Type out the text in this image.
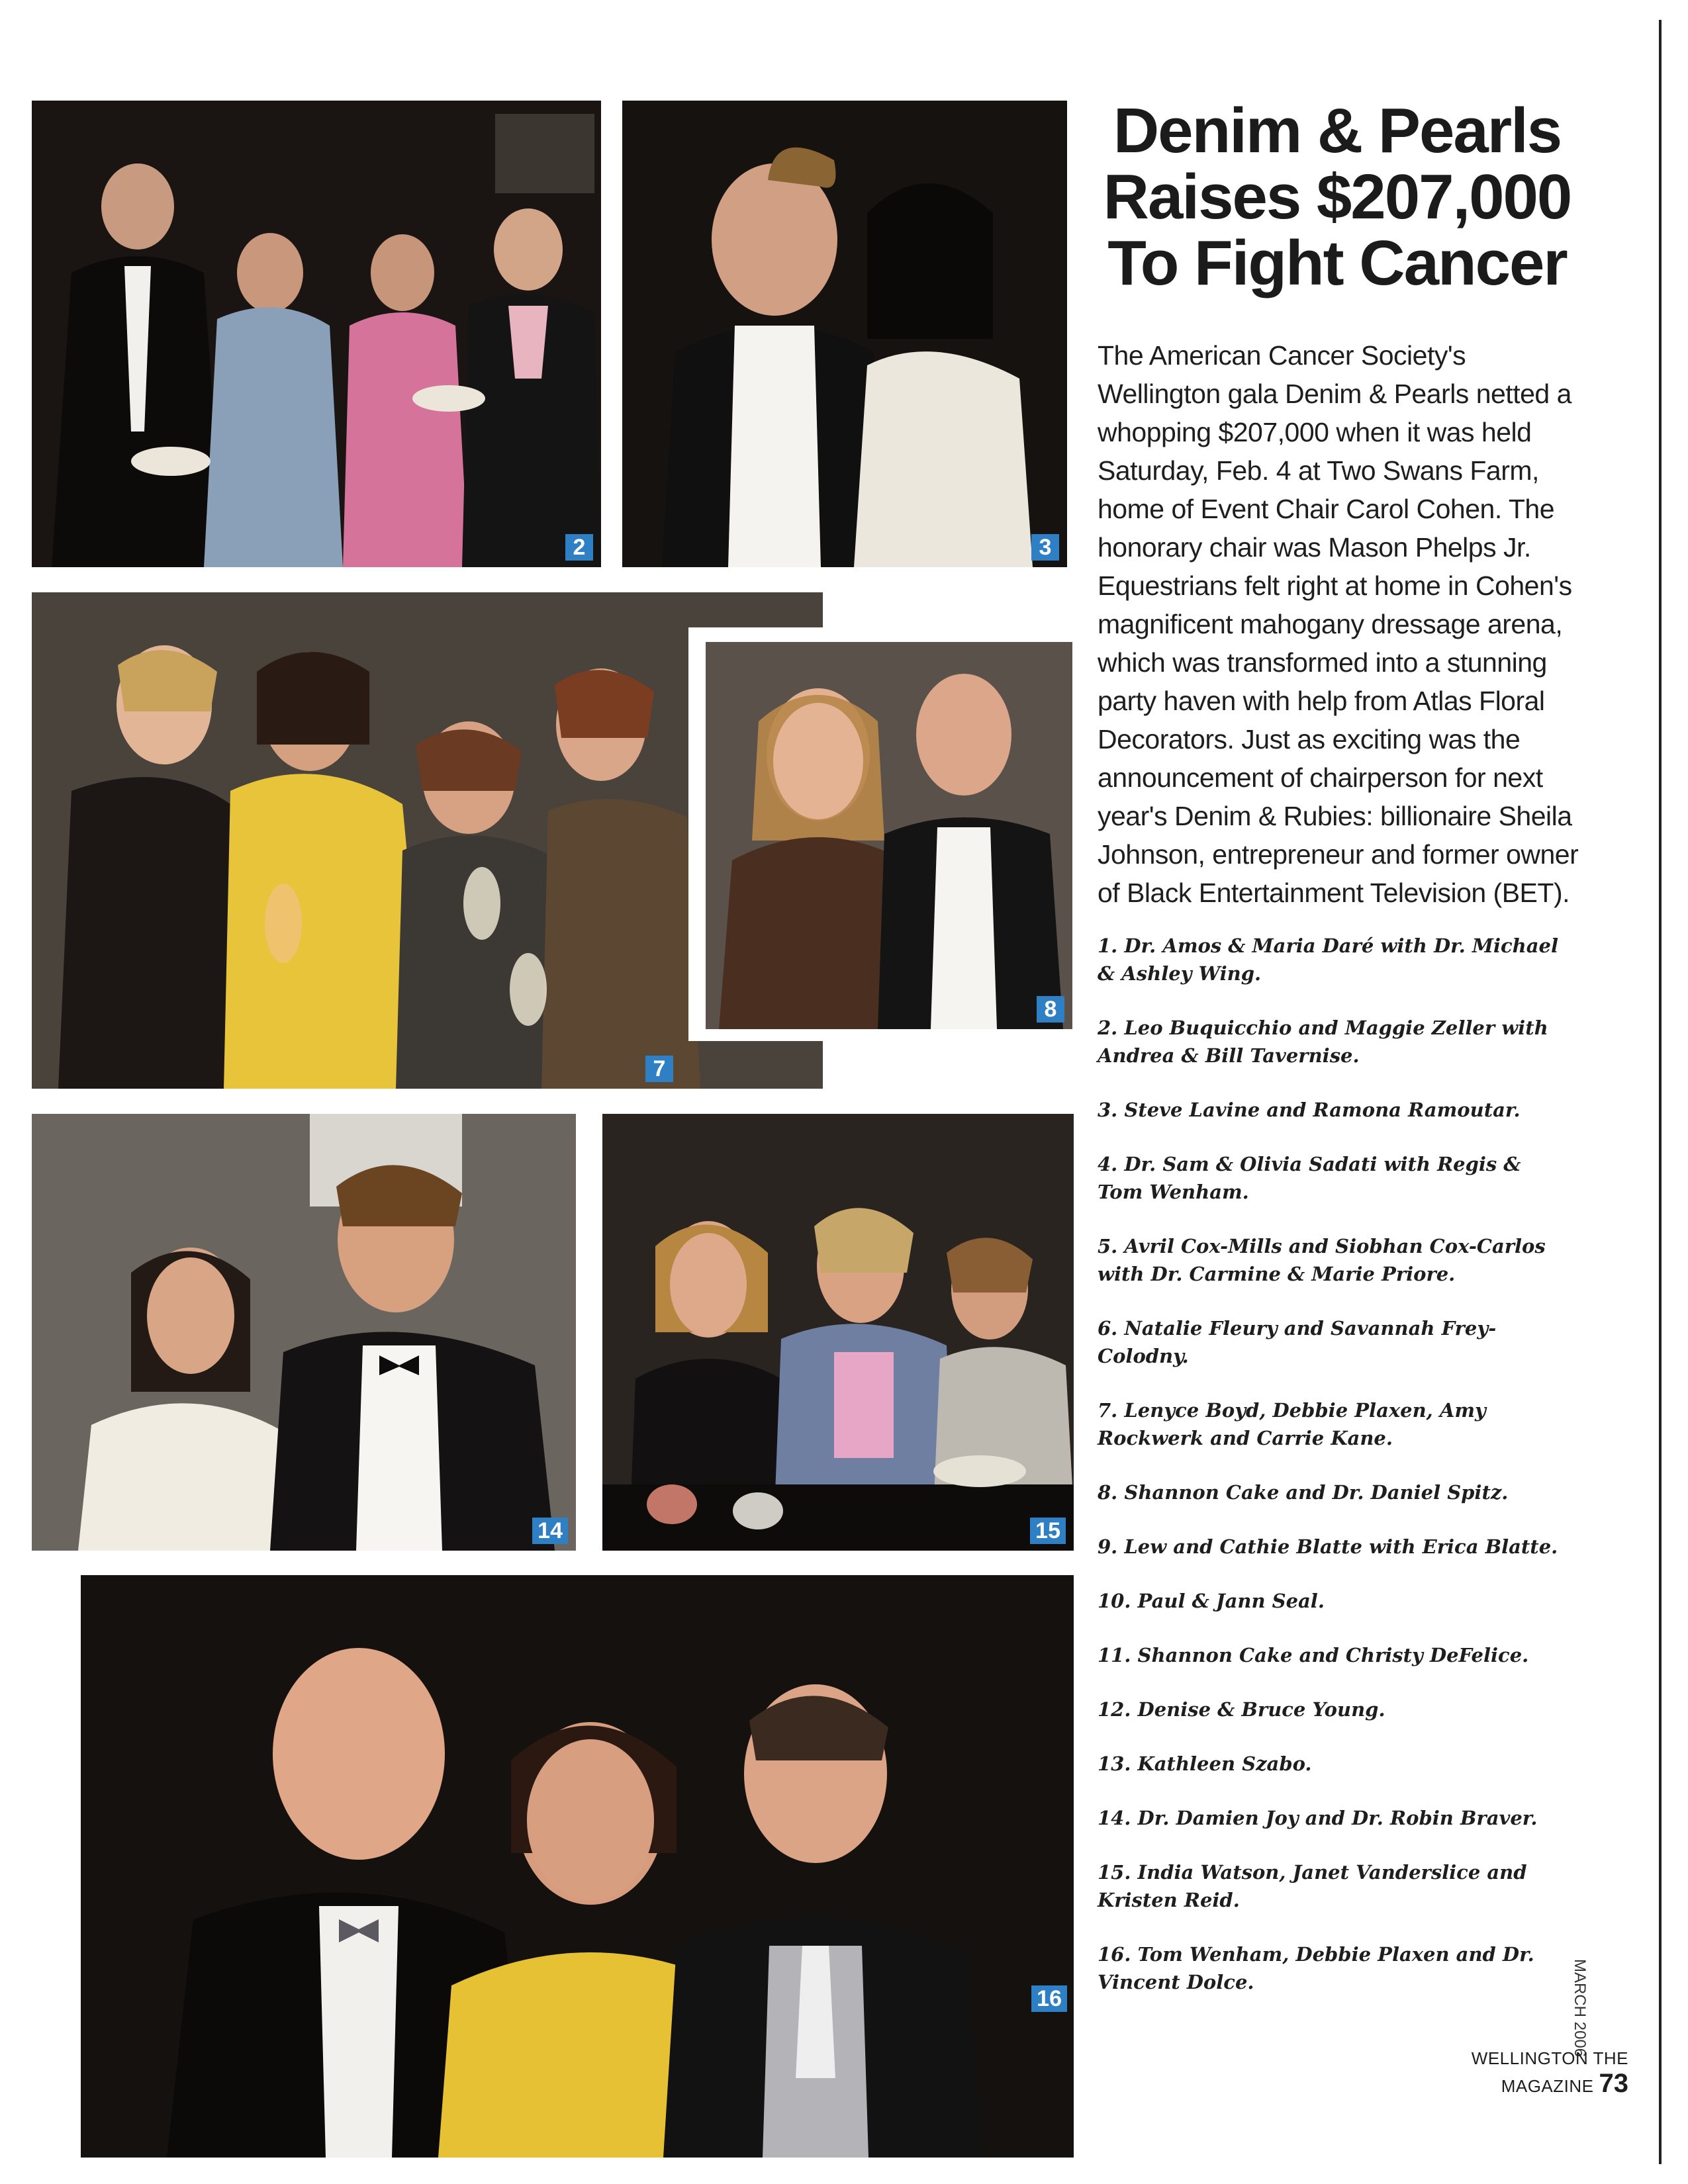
2	3
7
8
14	15
16
Denim & Pearls
Raises $207,000
To Fight Cancer
The American Cancer Society's Wellington gala Denim & Pearls netted a whopping $207,000 when it was held Saturday, Feb. 4 at Two Swans Farm, home of Event Chair Carol Cohen. The honorary chair was Mason Phelps Jr. Equestrians felt right at home in Cohen's magnificent mahogany dressage arena, which was transformed into a stunning party haven with help from Atlas Floral Decorators. Just as exciting was the announcement of chairperson for next year's Denim & Rubies: billionaire Sheila Johnson, entrepreneur and former owner of Black Entertainment Television (BET).
1. Dr. Amos & Maria Daré with Dr. Michael & Ashley Wing.
2. Leo Buquicchio and Maggie Zeller with Andrea & Bill Tavernise.
3. Steve Lavine and Ramona Ramoutar.
4. Dr. Sam & Olivia Sadati with Regis & Tom Wenham.
5. Avril Cox-Mills and Siobhan Cox-Carlos with Dr. Carmine & Marie Priore.
6. Natalie Fleury and Savannah Frey-Colodny.
7. Lenyce Boyd, Debbie Plaxen, Amy Rockwerk and Carrie Kane.
8. Shannon Cake and Dr. Daniel Spitz.
9. Lew and Cathie Blatte with Erica Blatte.
10. Paul & Jann Seal.
11. Shannon Cake and Christy DeFelice.
12. Denise & Bruce Young.
13. Kathleen Szabo.
14. Dr. Damien Joy and Dr. Robin Braver.
15. India Watson, Janet Vanderslice and Kristen Reid.
16. Tom Wenham, Debbie Plaxen and Dr. Vincent Dolce.	MARCH 2006
WELLINGTON THE MAGAZINE 73
